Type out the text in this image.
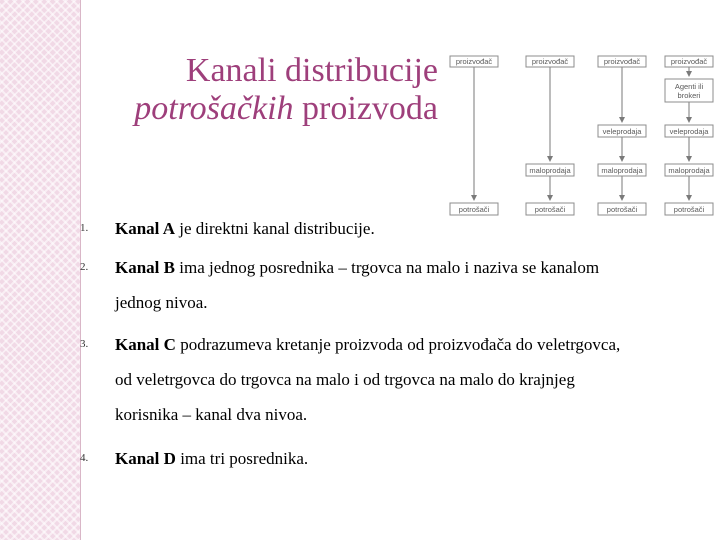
Kanali distribucije
potrošačkih proizvoda
proizvođač	proizvođač	proizvođač	proizvođač
Agenti ili
brokeri
veleprodaja	veleprodaja
maloprodaja	maloprodaja	maloprodaja
potrošači	potrošači	potrošači	potrošači
1. Kanal A je direktni kanal distribucije.
2. Kanal B ima jednog posrednika – trgovca na malo i naziva se kanalom jednog nivoa.
3. Kanal C podrazumeva kretanje proizvoda od proizvođača do veletrgovca, od veletrgovca do trgovca na malo i od trgovca na malo do krajnjeg korisnika – kanal dva nivoa.
4. Kanal D ima tri posrednika.
